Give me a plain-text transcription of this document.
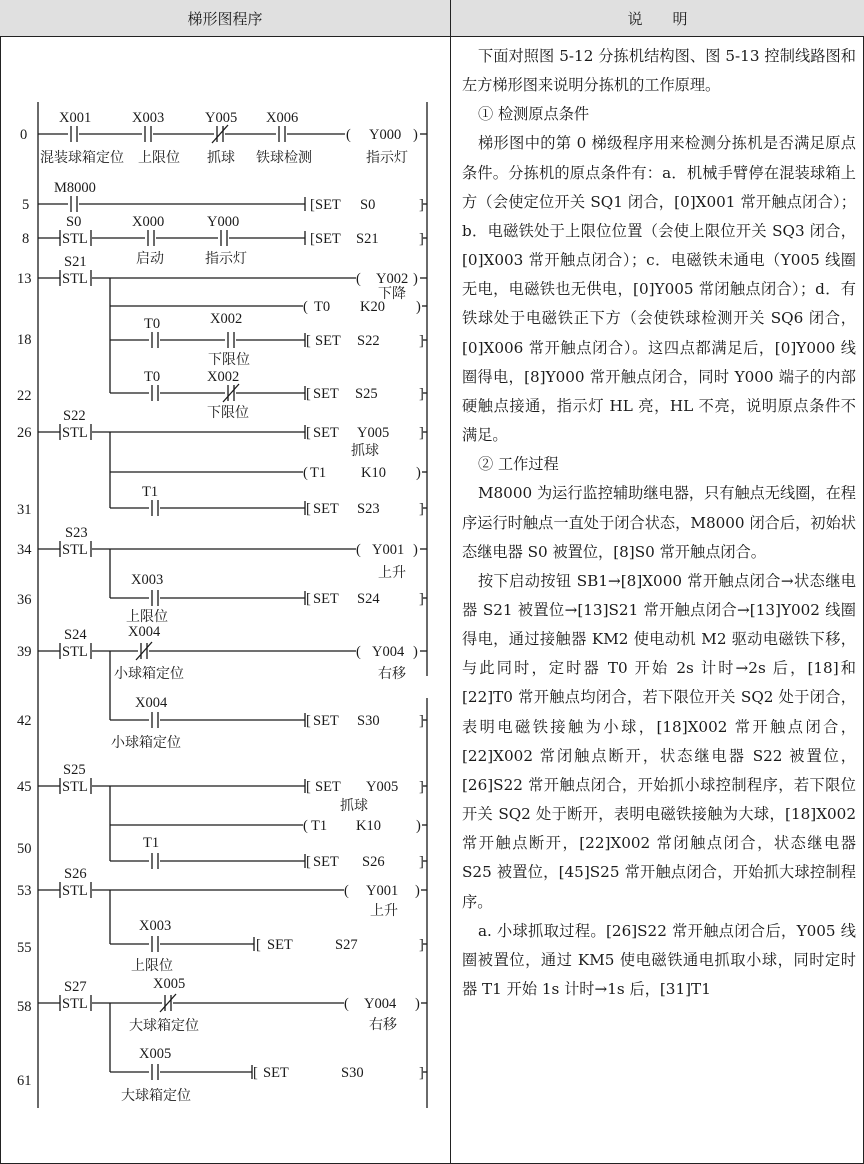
梯形图程序	说　　明
0
X001
混装球箱定位
X003
上限位
Y005
抓球
X006
铁球检测
( Y000 )
指示灯
5
M8000
[ SET S0	]
8 STL
S0	X000
启动
Y000
指示灯
[ SET S21	]
13 STL
S21
( Y002 )
下降
( T0 K20 )
18
T0	X002
下限位
[ SET S22	]
22
T0	X002
下限位
[ SET S25	]
26 STL
S22
[ SET Y005 ]
抓球
( T1 K10 )
31
T1
[ SET S23	]
34 STL
S23
( Y001 )
上升
36
X003
上限位
[ SET S24	]
39 STL
S24	X004
小球箱定位
( Y004 )
右移
42
X004
小球箱定位
[ SET S30	]
45 STL
S25
[ SET Y005 ]
抓球
( T1 K10 )
50	T1
[ SET S26 ]
53 STL
S26
( Y001 )
上升
55
X003
上限位
[ SET	S27	]
58 STL
S27	X005
大球箱定位
( Y004 )
右移
61
X005
大球箱定位
[ SET	S30	]

下面对照图 5-12 分拣机结构图、图 5-13 控制线路图和左方梯形图来说明分拣机的工作原理。

① 检测原点条件

梯形图中的第 0 梯级程序用来检测分拣机是否满足原点条件。分拣机的原点条件有：a．机械手臂停在混装球箱上方（会使定位开关 SQ1 闭合，[0]X001 常开触点闭合）；b．电磁铁处于上限位位置（会使上限位开关 SQ3 闭合，[0]X003 常开触点闭合）；c．电磁铁未通电（Y005 线圈无电，电磁铁也无供电，[0]Y005 常闭触点闭合）；d．有铁球处于电磁铁正下方（会使铁球检测开关 SQ6 闭合，[0]X006 常开触点闭合）。这四点都满足后，[0]Y000 线圈得电，[8]Y000 常开触点闭合，同时 Y000 端子的内部硬触点接通，指示灯 HL 亮，HL 不亮，说明原点条件不满足。

② 工作过程

M8000 为运行监控辅助继电器，只有触点无线圈，在程序运行时触点一直处于闭合状态，M8000 闭合后，初始状态继电器 S0 被置位，[8]S0 常开触点闭合。

按下启动按钮 SB1→[8]X000 常开触点闭合→状态继电器 S21 被置位→[13]S21 常开触点闭合→[13]Y002 线圈得电，通过接触器 KM2 使电动机 M2 驱动电磁铁下移，与此同时，定时器 T0 开始 2s 计时→2s 后，[18]和[22]T0 常开触点均闭合，若下限位开关 SQ2 处于闭合，表明电磁铁接触为小球，[18]X002 常开触点闭合，[22]X002 常闭触点断开，状态继电器 S22 被置位，[26]S22 常开触点闭合，开始抓小球控制程序，若下限位开关 SQ2 处于断开，表明电磁铁接触为大球，[18]X002 常开触点断开，[22]X002 常闭触点闭合，状态继电器 S25 被置位，[45]S25 常开触点闭合，开始抓大球控制程序。

a. 小球抓取过程。[26]S22 常开触点闭合后，Y005 线圈被置位，通过 KM5 使电磁铁通电抓取小球，同时定时器 T1 开始 1s 计时→1s 后，[31]T1
